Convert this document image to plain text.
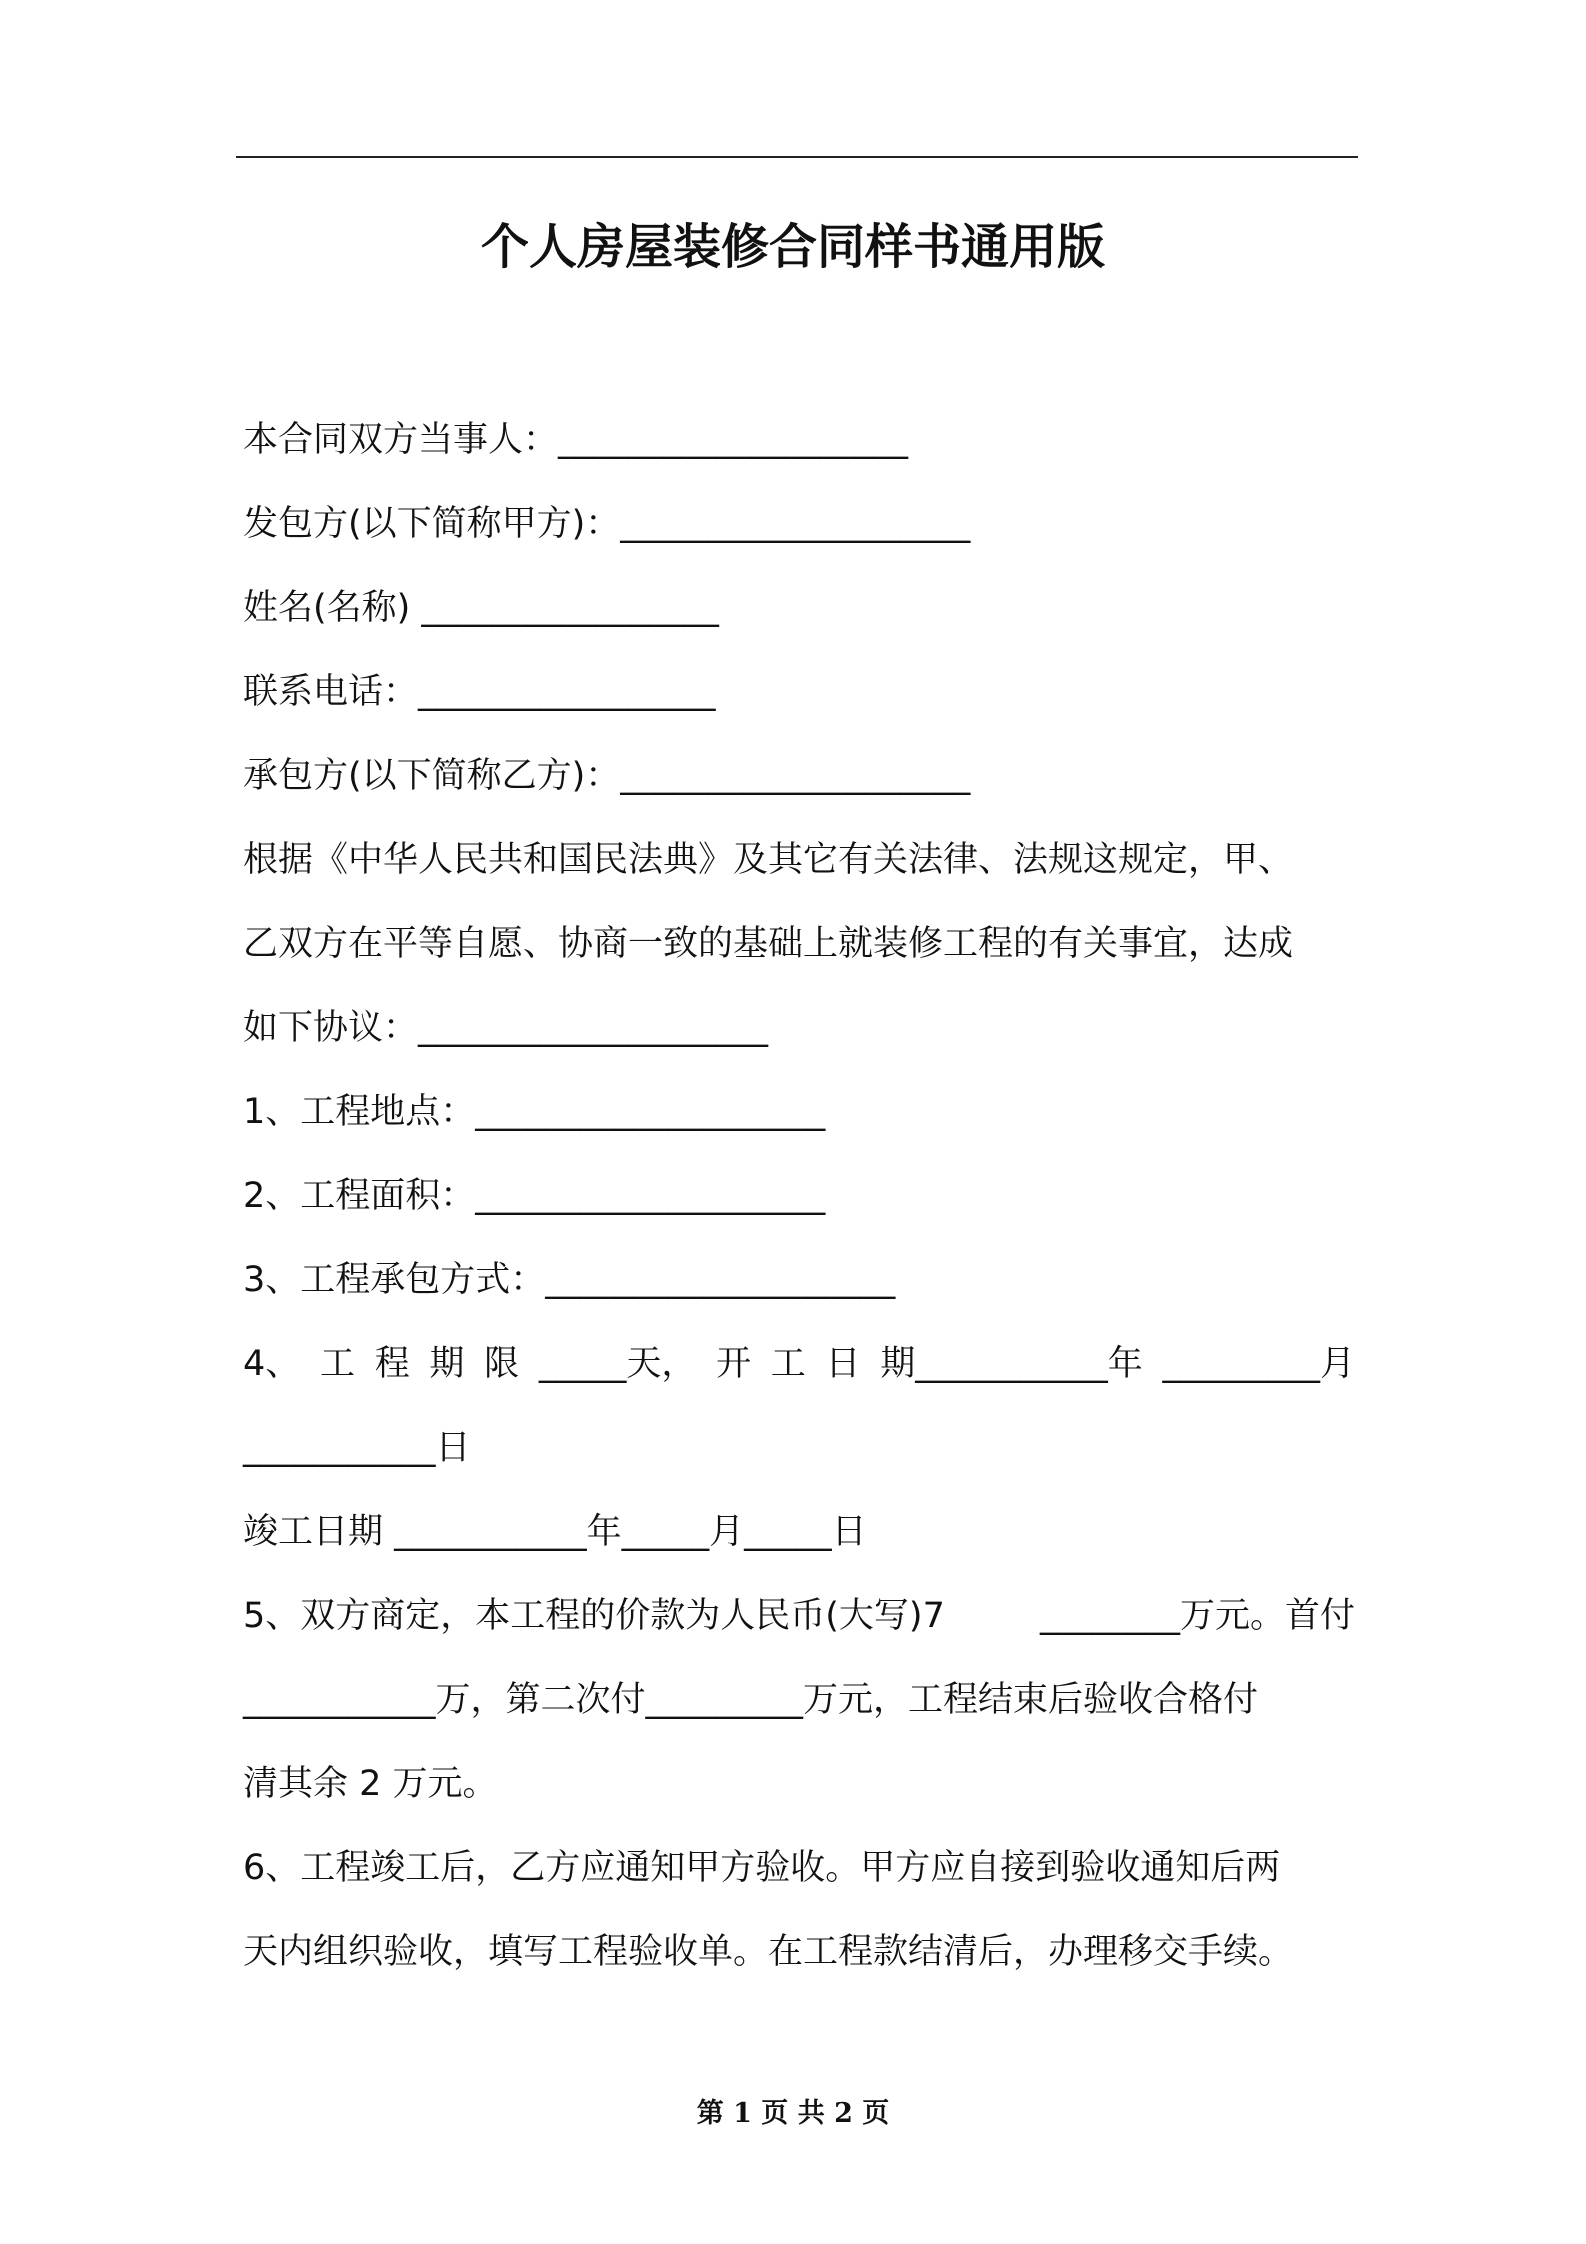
个人房屋装修合同样书通用版
本合同双方当事人：____________________
发包方(以下简称甲方)：____________________
姓名(名称) _________________
联系电话：_________________
承包方(以下简称乙方)：____________________
根据《中华人民共和国民法典》及其它有关法律、法规这规定，甲、
乙双方在平等自愿、协商一致的基础上就装修工程的有关事宜，达成
如下协议：____________________
1、工程地点：____________________
2、工程面积：____________________
3、工程承包方式：____________________
4、 工 程 期 限 _____天， 开 工 日 期___________年 _________月
___________日
竣工日期 ___________年_____月_____日
5、双方商定，本工程的价款为人民币(大写)7	________万元。首付
___________万，第二次付_________万元，工程结束后验收合格付
清其余 2 万元。
6、工程竣工后，乙方应通知甲方验收。甲方应自接到验收通知后两
天内组织验收，填写工程验收单。在工程款结清后，办理移交手续。
第 1 页 共 2 页
